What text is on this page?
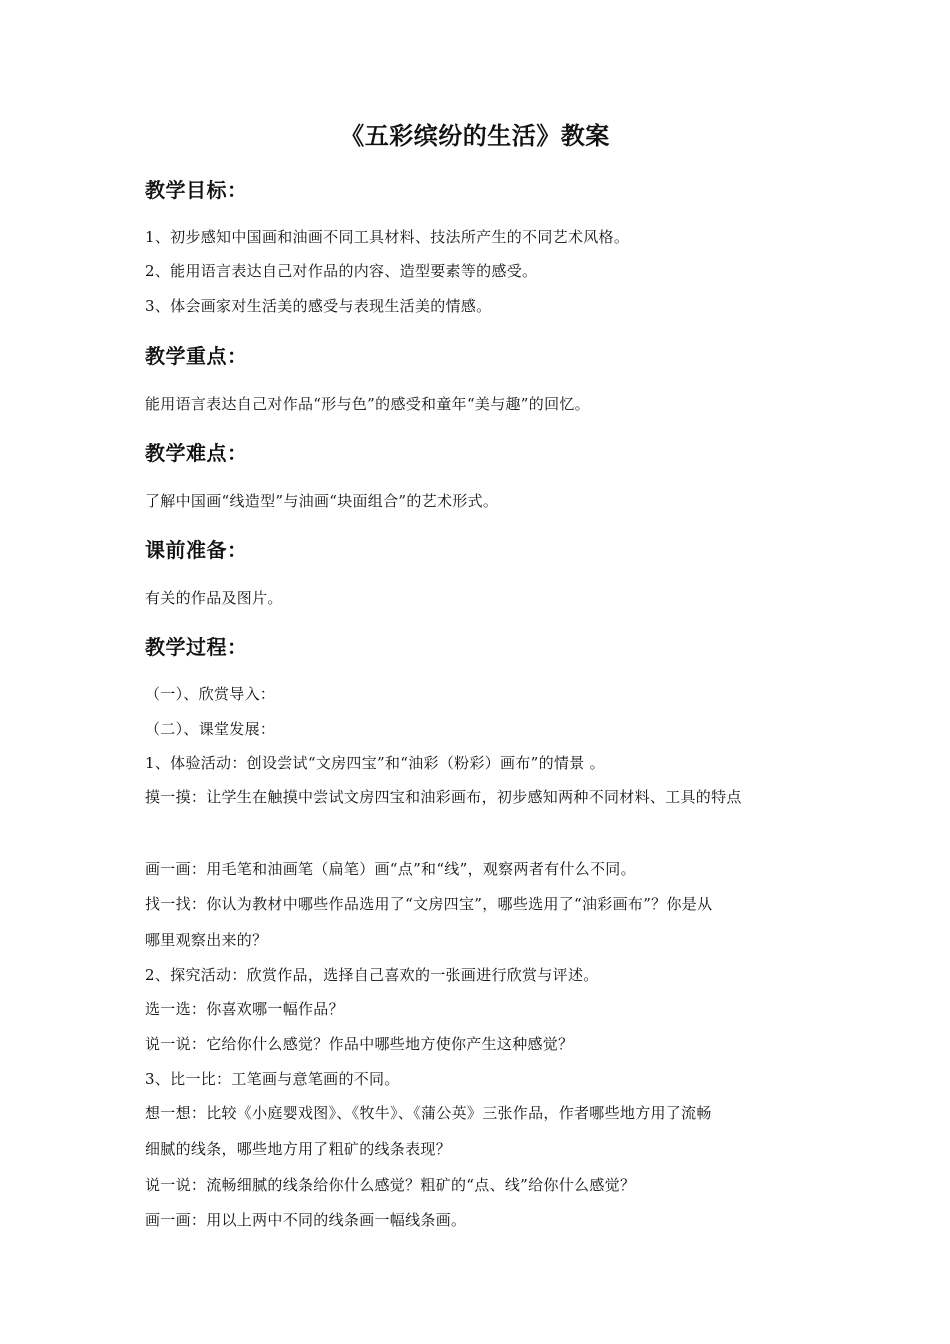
《五彩缤纷的生活》教案
教学目标：

1、初步感知中国画和油画不同工具材料、技法所产生的不同艺术风格。

2、能用语言表达自己对作品的内容、造型要素等的感受。

3、体会画家对生活美的感受与表现生活美的情感。

教学重点：

能用语言表达自己对作品“形与色”的感受和童年“美与趣”的回忆。

教学难点：

了解中国画“线造型”与油画“块面组合”的艺术形式。

课前准备：

有关的作品及图片。

教学过程：

（一）、欣赏导入：

（二）、课堂发展：

1、体验活动：创设尝试“文房四宝”和“油彩（粉彩）画布”的情景 。

摸一摸：让学生在触摸中尝试文房四宝和油彩画布，初步感知两种不同材料、工具的特点

画一画：用毛笔和油画笔（扁笔）画“点”和“线”，观察两者有什么不同。

找一找：你认为教材中哪些作品选用了“文房四宝”，哪些选用了“油彩画布”？你是从

哪里观察出来的？

2、探究活动：欣赏作品，选择自己喜欢的一张画进行欣赏与评述。

选一选：你喜欢哪一幅作品？

说一说：它给你什么感觉？作品中哪些地方使你产生这种感觉？

3、比一比：工笔画与意笔画的不同。

想一想：比较《小庭婴戏图》、《牧牛》、《蒲公英》三张作品，作者哪些地方用了流畅

细腻的线条，哪些地方用了粗矿的线条表现？

说一说：流畅细腻的线条给你什么感觉？粗矿的“点、线”给你什么感觉？

画一画：用以上两中不同的线条画一幅线条画。
